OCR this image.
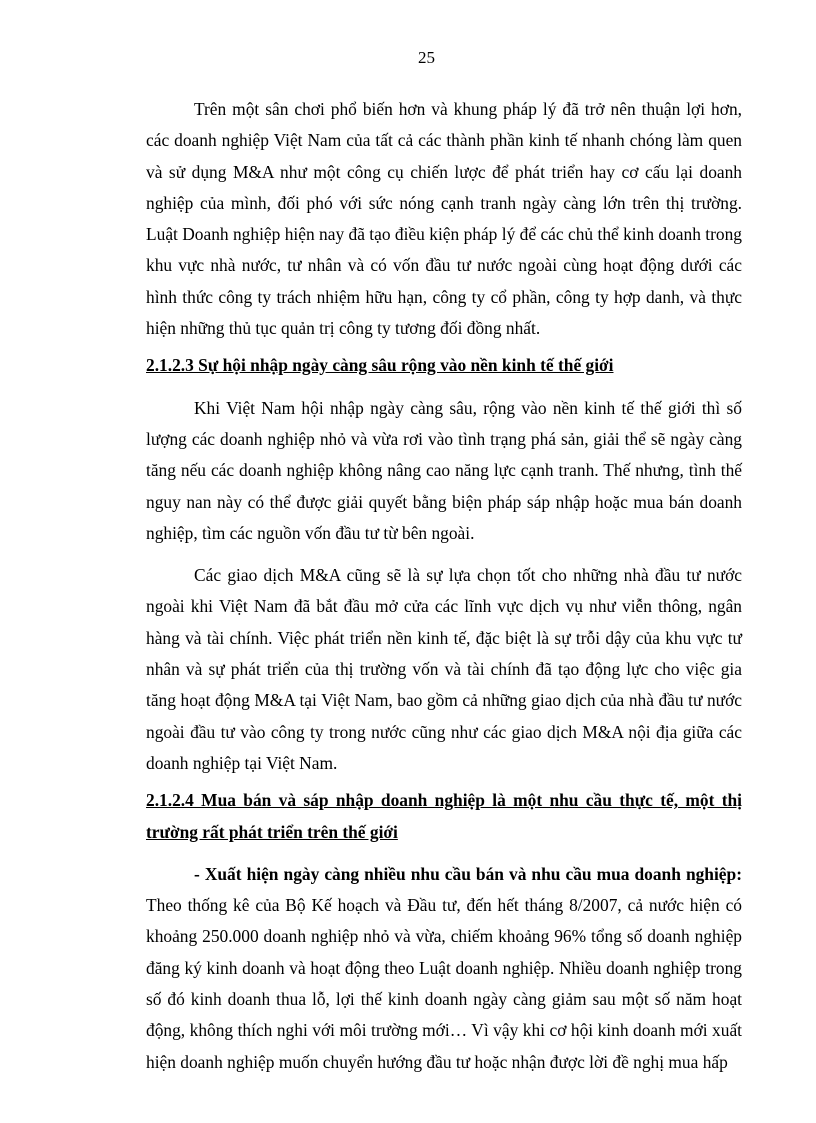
25

Trên một sân chơi phổ biến hơn và khung pháp lý đã trở nên thuận lợi hơn, các doanh nghiệp Việt Nam của tất cả các thành phần kinh tế nhanh chóng làm quen và sử dụng M&A như một công cụ chiến lược để phát triển hay cơ cấu lại doanh nghiệp của mình, đối phó với sức nóng cạnh tranh ngày càng lớn trên thị trường. Luật Doanh nghiệp hiện nay đã tạo điều kiện pháp lý để các chủ thể kinh doanh trong khu vực nhà nước, tư nhân và có vốn đầu tư nước ngoài cùng hoạt động dưới các hình thức công ty trách nhiệm hữu hạn, công ty cổ phần, công ty hợp danh, và thực hiện những thủ tục quản trị công ty tương đối đồng nhất.

2.1.2.3 Sự hội nhập ngày càng sâu rộng vào nền kinh tế thế giới

Khi Việt Nam hội nhập ngày càng sâu, rộng vào nền kinh tế thế giới thì số lượng các doanh nghiệp nhỏ và vừa rơi vào tình trạng phá sản, giải thể sẽ ngày càng tăng nếu các doanh nghiệp không nâng cao năng lực cạnh tranh. Thế nhưng, tình thế nguy nan này có thể được giải quyết bằng biện pháp sáp nhập hoặc mua bán doanh nghiệp, tìm các nguồn vốn đầu tư từ bên ngoài.

Các giao dịch M&A cũng sẽ là sự lựa chọn tốt cho những nhà đầu tư nước ngoài khi Việt Nam đã bắt đầu mở cửa các lĩnh vực dịch vụ như viễn thông, ngân hàng và tài chính. Việc phát triển nền kinh tế, đặc biệt là sự trỗi dậy của khu vực tư nhân và sự phát triển của thị trường vốn và tài chính đã tạo động lực cho việc gia tăng hoạt động M&A tại Việt Nam, bao gồm cả những giao dịch của nhà đầu tư nước ngoài đầu tư vào công ty trong nước cũng như các giao dịch M&A nội địa giữa các doanh nghiệp tại Việt Nam.

2.1.2.4 Mua bán và sáp nhập doanh nghiệp là một nhu cầu thực tế, một thị trường rất phát triển trên thế giới

- Xuất hiện ngày càng nhiều nhu cầu bán và nhu cầu mua doanh nghiệp: Theo thống kê của Bộ Kế hoạch và Đầu tư, đến hết tháng 8/2007, cả nước hiện có khoảng 250.000 doanh nghiệp nhỏ và vừa, chiếm khoảng 96% tổng số doanh nghiệp đăng ký kinh doanh và hoạt động theo Luật doanh nghiệp. Nhiều doanh nghiệp trong số đó kinh doanh thua lỗ, lợi thế kinh doanh ngày càng giảm sau một số năm hoạt động, không thích nghi với môi trường mới… Vì vậy khi cơ hội kinh doanh mới xuất hiện doanh nghiệp muốn chuyển hướng đầu tư hoặc nhận được lời đề nghị mua hấp
